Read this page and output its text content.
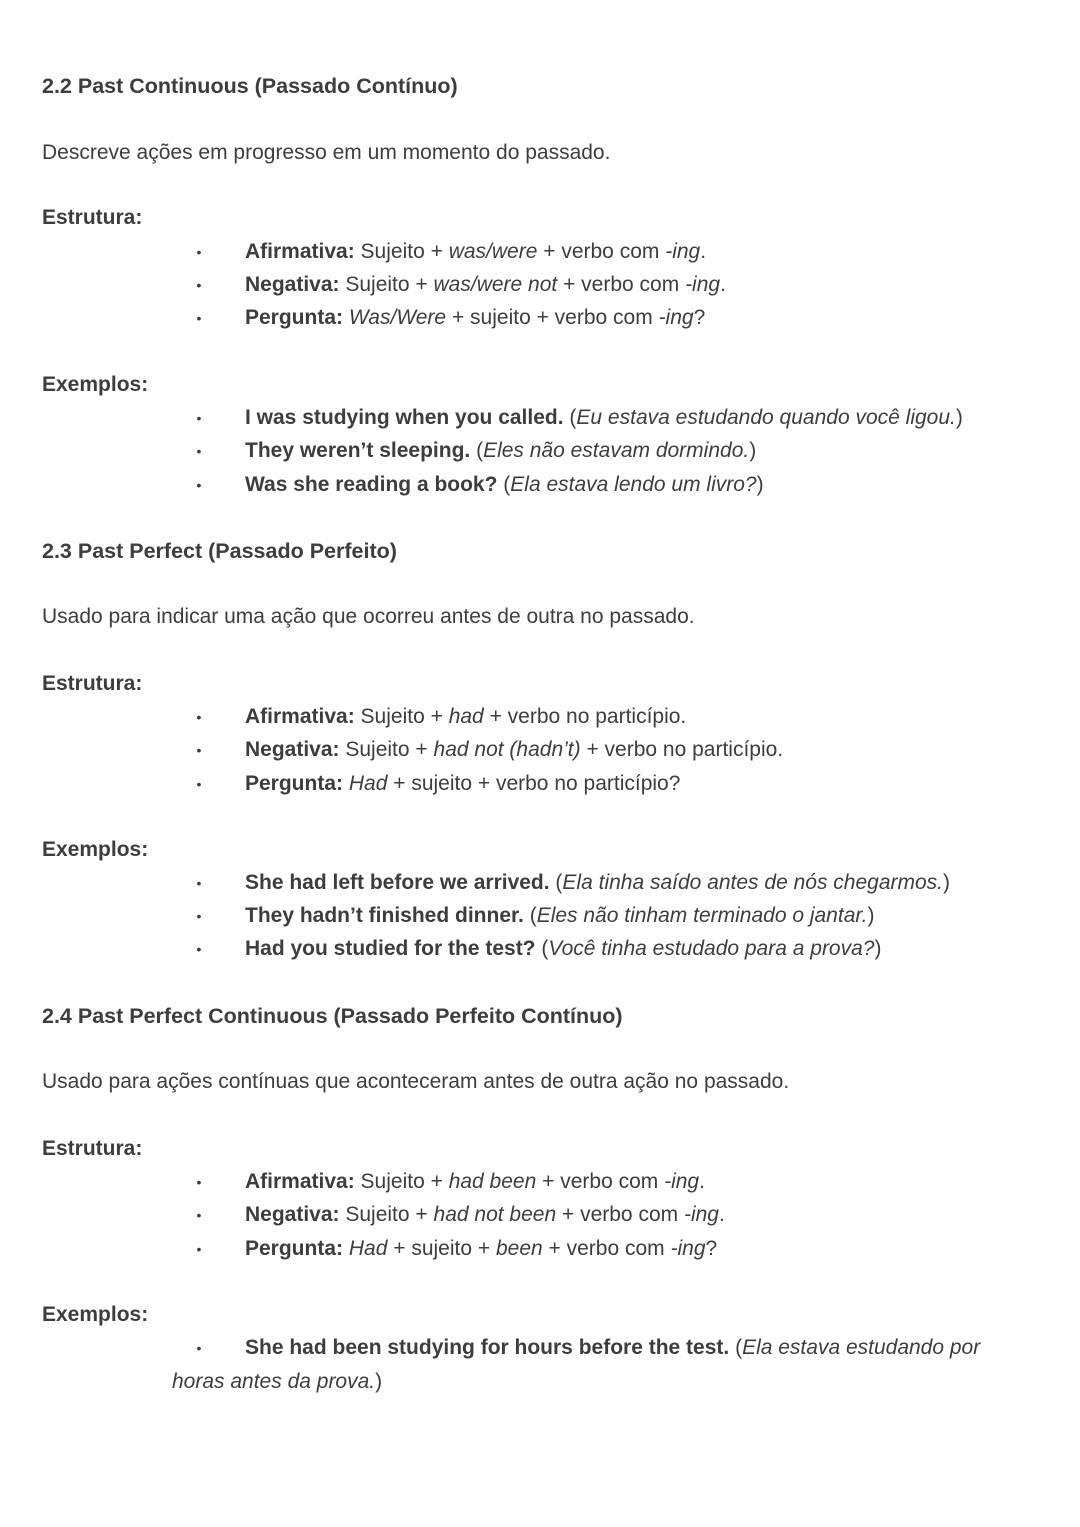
2.2 Past Continuous (Passado Contínuo)

Descreve ações em progresso em um momento do passado.

Estrutura:
• Afirmativa: Sujeito + was/were + verbo com -ing.
• Negativa: Sujeito + was/were not + verbo com -ing.
• Pergunta: Was/Were + sujeito + verbo com -ing?
Exemplos:
• I was studying when you called. (Eu estava estudando quando você ligou.)
• They weren’t sleeping. (Eles não estavam dormindo.)
• Was she reading a book? (Ela estava lendo um livro?)
2.3 Past Perfect (Passado Perfeito)

Usado para indicar uma ação que ocorreu antes de outra no passado.

Estrutura:
• Afirmativa: Sujeito + had + verbo no particípio.
• Negativa: Sujeito + had not (hadn’t) + verbo no particípio.
• Pergunta: Had + sujeito + verbo no particípio?
Exemplos:
• She had left before we arrived. (Ela tinha saído antes de nós chegarmos.)
• They hadn’t finished dinner. (Eles não tinham terminado o jantar.)
• Had you studied for the test? (Você tinha estudado para a prova?)
2.4 Past Perfect Continuous (Passado Perfeito Contínuo)

Usado para ações contínuas que aconteceram antes de outra ação no passado.

Estrutura:
• Afirmativa: Sujeito + had been + verbo com -ing.
• Negativa: Sujeito + had not been + verbo com -ing.
• Pergunta: Had + sujeito + been + verbo com -ing?
Exemplos:
• She had been studying for hours before the test. (Ela estava estudando por
horas antes da prova.)
